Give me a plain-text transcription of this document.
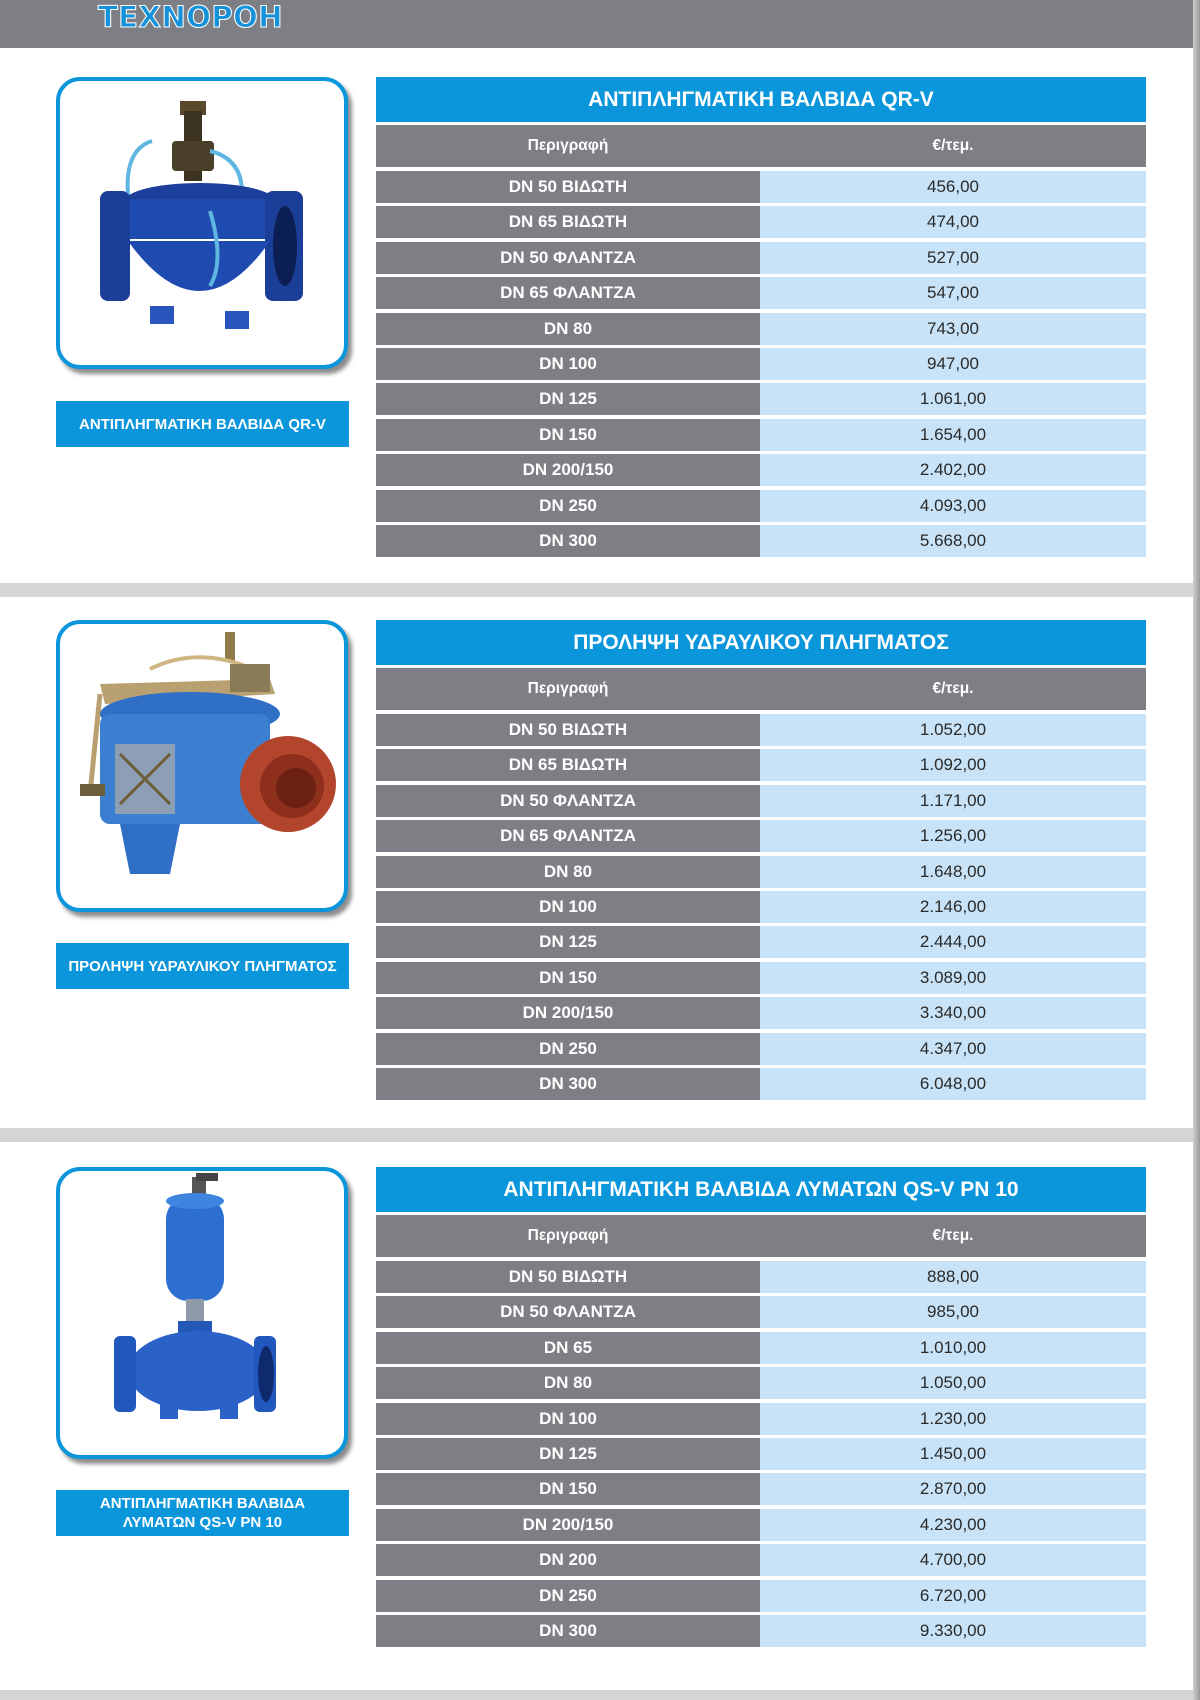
ΤΕΧΝΟΡΟΗ
ΑΝΤΙΠΛΗΓΜΑΤΙΚΗ ΒΑΛΒΙΔΑ QR-V
ΑΝΤΙΠΛΗΓΜΑΤΙΚΗ ΒΑΛΒΙΔΑ QR-V
Περιγραφή	€/τεμ.
DN 50 ΒΙΔΩΤΗ	456,00
DN 65 ΒΙΔΩΤΗ	474,00
DN 50 ΦΛΑΝΤΖΑ	527,00
DN 65 ΦΛΑΝΤΖΑ	547,00
DN 80	743,00
DN 100	947,00
DN 125	1.061,00
DN 150	1.654,00
DN 200/150	2.402,00
DN 250	4.093,00
DN 300	5.668,00
ΠΡΟΛΗΨΗ ΥΔΡΑΥΛΙΚΟΥ ΠΛΗΓΜΑΤΟΣ
ΠΡΟΛΗΨΗ ΥΔΡΑΥΛΙΚΟΥ ΠΛΗΓΜΑΤΟΣ
Περιγραφή	€/τεμ.
DN 50 ΒΙΔΩΤΗ	1.052,00
DN 65 ΒΙΔΩΤΗ	1.092,00
DN 50 ΦΛΑΝΤΖΑ	1.171,00
DN 65 ΦΛΑΝΤΖΑ	1.256,00
DN 80	1.648,00
DN 100	2.146,00
DN 125	2.444,00
DN 150	3.089,00
DN 200/150	3.340,00
DN 250	4.347,00
DN 300	6.048,00
ΑΝΤΙΠΛΗΓΜΑΤΙΚΗ ΒΑΛΒΙΔΑ ΛΥΜΑΤΩΝ QS-V PN 10
ΑΝΤΙΠΛΗΓΜΑΤΙΚΗ ΒΑΛΒΙΔΑ ΛΥΜΑΤΩΝ QS-V PN 10
Περιγραφή	€/τεμ.
DN 50 ΒΙΔΩΤΗ	888,00
DN 50 ΦΛΑΝΤΖΑ	985,00
DN 65	1.010,00
DN 80	1.050,00
DN 100	1.230,00
DN 125	1.450,00
DN 150	2.870,00
DN 200/150	4.230,00
DN 200	4.700,00
DN 250	6.720,00
DN 300	9.330,00
